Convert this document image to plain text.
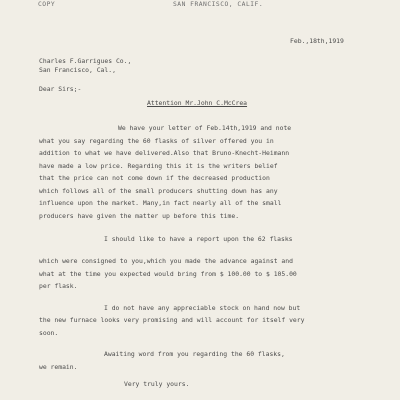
COPY	SAN FRANCISCO, CALIF.
Feb.,18th,1919
Charles F.Garrigues Co.,
San Francisco, Cal.,
Dear Sirs;-
Attention Mr.John C.McCrea
We have your letter of Feb.14th,1919 and note
what you say regarding the 60 flasks of silver offered you in
addition to what we have delivered.Also that Bruno-Knecht-Heimann
have made a low price. Regarding this it is the writers belief
that the price can not come down if the decreased production
which follows all of the small producers shutting down has any
influence upon the market. Many,in fact nearly all of the small
producers have given the matter up before this time.
I should like to have a report upon the 62 flasks
which were consigned to you,which you made the advance against and
what at the time you expected would bring from $ 100.00 to $ 105.00
per flask.
I do not have any appreciable stock on hand now but
the new furnace looks very promising and will account for itself very
soon.
Awaiting word from you regarding the 60 flasks,
we remain.
Very truly yours.
